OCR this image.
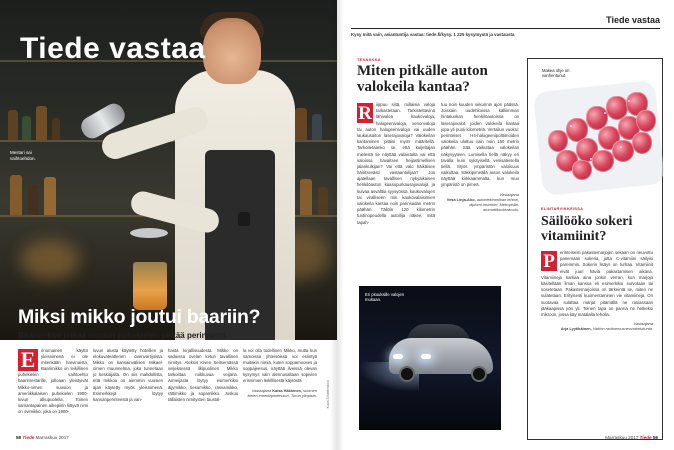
Tiede vastaa
Mestari sai vaihtoehdon.
Miksi mikko joutui baariin?
Baarimikko jatkaa rennon puhekielen pitkää perinnettä.
E rinomainen käyttö yleisnimenä ei ole mitenkään harvinaista. Baarimikko on leikillinen puhekielen vaihtoehto baarimestarille, jolloaan yleistyivät Mikko-nimen suosion ja ameriikkalaisen puhekielen 1900-luvun alkupuolella. Toinen samantapainen aihepiirin liittyvä nimi on ovimikko, joka on 1900-
luvun alusta käytetty hotellien ja elokuvateatterien ovenvartijoista. Mikko on kansainvälisen Mikael-nimen muunnelma, joka tunnetaan jo keskiajalta. On siis mahdollista, että mikkoa on aiemmin vuosien ajan käytetty myös yleisnimenä. Esimerkkejä löytyy kansanperinteestä ja van-
hasta kirjallisuudesta. Mikko on saduissa ovelan ketun tavallinen nimitys. Aleksis Kiven Seitsemässä veljeksessä ilkipuolinen Mikko tarkoittaa roikkuvaa veijaria. Armeijasta löytyy esimerkiksi äijymikko, tiesumikko, rasvamikko, rättimikko ja sopamikko. Joskus tällaisten nimitysten taustal-
la voi olla todellinen Mikko, mutta kun samoissa yhteisöissä voi esiintyä muitakin nimiä, kuten soppamooses ja soppajeesus, näyttää ilveissä olevan kysymys vain alennusaltaan sopivien erisnimien leikillisestä käytöstä.
Vastaajana Kaisa Häkkinen, suomen kielen emeritaprofessori, Turun yliopisto.	Kuva Shutterstock
58 Tiede Marraskuu 2017
Tiede vastaa
Kysy mitä vain, asiantuntija vastaa: tiede.fi/kysy. 1 225 kysymystä ja vastausta
TEKNIIKKA
Miten pitkälle auton valokeila kantaa?
R iippuu siitä, millaisia valoja tarkastetaan. Tarkistettavina lähivaloa kaukovaloja, halogeenivaloja, xenonvaloja tai auton halogeenivaloja vai uuden laukausaiton laserajovaloja? Valokeilan kantaminen pitäisi myös määritellä. Tarkoitetaanko se, että kuljettajan mielestä tie näyttää valaistulta vai että valoissa havaitsee heijastimellisen jalankulkijan? Vai että valo häikäisee häiritsevästi vastaantulijaa? Jos ajatellaan tavallisen nykyaikaisen henkilöauton kaasupurkausajovaloja ja kuivaa asvalttia syysyössä, kaukovalojen tai viralliseen min kaukovalaisimien valokeila kantaa noin parinsadan metrin päähän. Tällöin 120 kilometrin tuntinopeudella autoilija näkee, mitä tapah-
tuu noin kuuden sekunnin ajon päässä. Joissain uudehkoissa kalliimman hintaluokan henkilöautoissa on laserajovalot, joiden valokeila kantaa jopa yli puoli kilometriä. Vertailun vuoksi: perinteiset H4-halogeenipolttimoiden valokeila ulottuu vain noin 150 metrin päähän. Sää vaikuttaa valokeilan näkyvyyteen. Lumisella tiellä näkyy eri tavalla kuin syksyisellä vesisateisella tiellä. Myös ympäristön valoisuus vaikuttaa. Säkkipimeällä auton valokeila näyttää kirkkaammalta, kun muu ympäristö on pimeä.
Vastaajana
Vesa Linja-Aho, autoelektroniikan lehtori, diplomi-insinööri, Metropolia-ammattikorkeakoulu.
Eri pituuksille valojen mukaan.
Makea ohje on vanhentunut.
ELINTARVIKKEISSA
Säilööko sokeri vitamiinit?
P erinteisesti pakastemarjojen sekaan on neuvottu panemaan sokeria, jotta C-vitamiini säilyisi paremmin. Sokerin lisäys on turhaa. Vitamiinit eivät juuri häviä pakastamisen aikana. Vitamiineja karkaa aina jonkin verran, kun marjoja käsitellään ilman kanssa eli esimerkiksi survotaan tai sosetetaan. Pakastemarjoissa on tärkeintä se, miten ne sulatetaan. Erityisesti kuumentaminen vie vitamiineja. On suotavaa sulattaa marjat pitämällä ne rasiassaan jääkaapissa yön yli. Toinen tapa on panna ne hetkeksi mikroon, jossa käy matalalla teholla.
Vastaajana
Arja Lyytikäinen, Valtion ravitsemusneuvottelukunta.
Marraskuu 2017 Tiede 59
